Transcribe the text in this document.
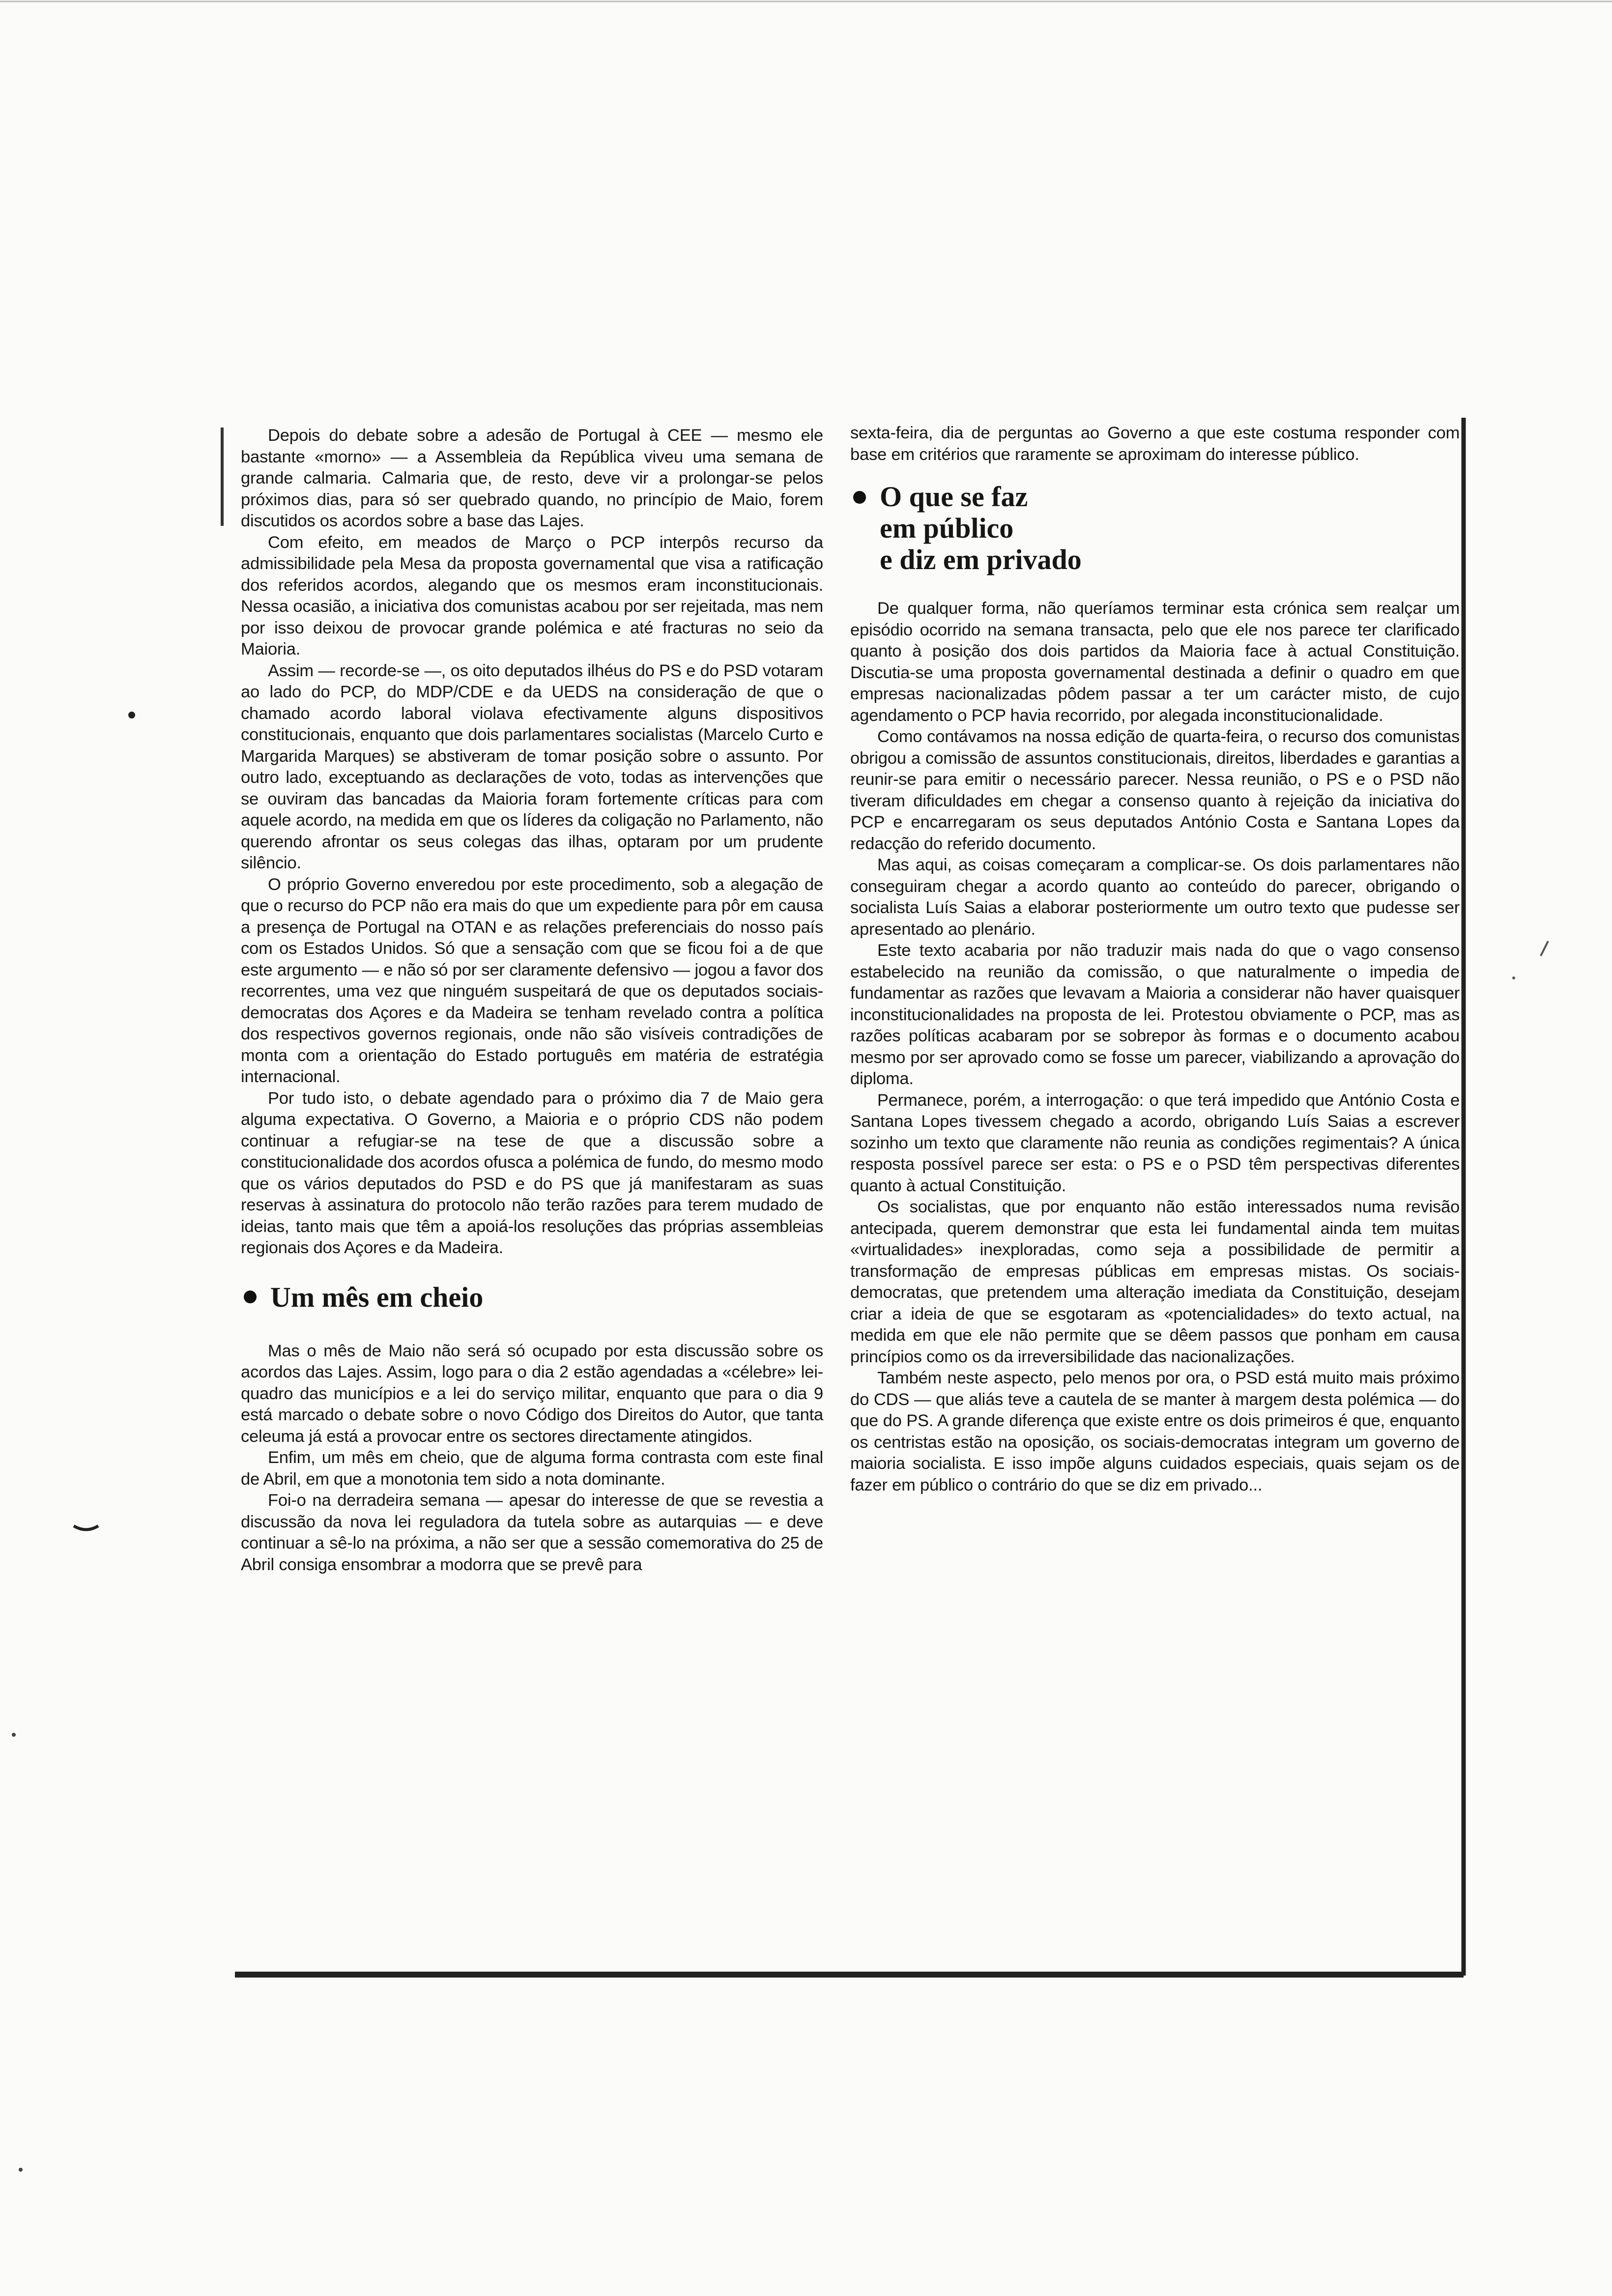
Depois do debate sobre a adesão de Portugal à CEE — mesmo ele bastante «morno» — a Assembleia da República viveu uma semana de grande calmaria. Calmaria que, de resto, deve vir a prolongar-se pelos próximos dias, para só ser quebrado quando, no princípio de Maio, forem discutidos os acordos sobre a base das Lajes.

Com efeito, em meados de Março o PCP interpôs recurso da admissibilidade pela Mesa da proposta governamental que visa a ratificação dos referidos acordos, alegando que os mesmos eram inconstitucionais. Nessa ocasião, a iniciativa dos comunistas acabou por ser rejeitada, mas nem por isso deixou de provocar grande polémica e até fracturas no seio da Maioria.

Assim — recorde-se —, os oito deputados ilhéus do PS e do PSD votaram ao lado do PCP, do MDP/CDE e da UEDS na consideração de que o chamado acordo laboral violava efectivamente alguns dispositivos constitucionais, enquanto que dois parlamentares socialistas (Marcelo Curto e Margarida Marques) se abstiveram de tomar posição sobre o assunto. Por outro lado, exceptuando as declarações de voto, todas as intervenções que se ouviram das bancadas da Maioria foram fortemente críticas para com aquele acordo, na medida em que os líderes da coligação no Parlamento, não querendo afrontar os seus colegas das ilhas, optaram por um prudente silêncio.

O próprio Governo enveredou por este procedimento, sob a alegação de que o recurso do PCP não era mais do que um expediente para pôr em causa a presença de Portugal na OTAN e as relações preferenciais do nosso país com os Estados Unidos. Só que a sensação com que se ficou foi a de que este argumento — e não só por ser claramente defensivo — jogou a favor dos recorrentes, uma vez que ninguém suspeitará de que os deputados sociais-democratas dos Açores e da Madeira se tenham revelado contra a política dos respectivos governos regionais, onde não são visíveis contradições de monta com a orientação do Estado português em matéria de estratégia internacional.

Por tudo isto, o debate agendado para o próximo dia 7 de Maio gera alguma expectativa. O Governo, a Maioria e o próprio CDS não podem continuar a refugiar-se na tese de que a discussão sobre a constitucionalidade dos acordos ofusca a polémica de fundo, do mesmo modo que os vários deputados do PSD e do PS que já manifestaram as suas reservas à assinatura do protocolo não terão razões para terem mudado de ideias, tanto mais que têm a apoiá-los resoluções das próprias assembleias regionais dos Açores e da Madeira.

Um mês em cheio

Mas o mês de Maio não será só ocupado por esta discussão sobre os acordos das Lajes. Assim, logo para o dia 2 estão agendadas a «célebre» lei-quadro das municípios e a lei do serviço militar, enquanto que para o dia 9 está marcado o debate sobre o novo Código dos Direitos do Autor, que tanta celeuma já está a provocar entre os sectores directamente atingidos.

Enfim, um mês em cheio, que de alguma forma contrasta com este final de Abril, em que a monotonia tem sido a nota dominante.

Foi-o na derradeira semana — apesar do interesse de que se revestia a discussão da nova lei reguladora da tutela sobre as autarquias — e deve continuar a sê-lo na próxima, a não ser que a sessão comemorativa do 25 de Abril consiga ensombrar a modorra que se prevê para

sexta-feira, dia de perguntas ao Governo a que este costuma responder com base em critérios que raramente se aproximam do interesse público.

O que se faz
em público
e diz em privado

De qualquer forma, não queríamos terminar esta crónica sem realçar um episódio ocorrido na semana transacta, pelo que ele nos parece ter clarificado quanto à posição dos dois partidos da Maioria face à actual Constituição. Discutia-se uma proposta governamental destinada a definir o quadro em que empresas nacionalizadas pôdem passar a ter um carácter misto, de cujo agendamento o PCP havia recorrido, por alegada inconstitucionalidade.

Como contávamos na nossa edição de quarta-feira, o recurso dos comunistas obrigou a comissão de assuntos constitucionais, direitos, liberdades e garantias a reunir-se para emitir o necessário parecer. Nessa reunião, o PS e o PSD não tiveram dificuldades em chegar a consenso quanto à rejeição da iniciativa do PCP e encarregaram os seus deputados António Costa e Santana Lopes da redacção do referido documento.

Mas aqui, as coisas começaram a complicar-se. Os dois parlamentares não conseguiram chegar a acordo quanto ao conteúdo do parecer, obrigando o socialista Luís Saias a elaborar posteriormente um outro texto que pudesse ser apresentado ao plenário.

Este texto acabaria por não traduzir mais nada do que o vago consenso estabelecido na reunião da comissão, o que naturalmente o impedia de fundamentar as razões que levavam a Maioria a considerar não haver quaisquer inconstitucionalidades na proposta de lei. Protestou obviamente o PCP, mas as razões políticas acabaram por se sobrepor às formas e o documento acabou mesmo por ser aprovado como se fosse um parecer, viabilizando a aprovação do diploma.

Permanece, porém, a interrogação: o que terá impedido que António Costa e Santana Lopes tivessem chegado a acordo, obrigando Luís Saias a escrever sozinho um texto que claramente não reunia as condições regimentais? A única resposta possível parece ser esta: o PS e o PSD têm perspectivas diferentes quanto à actual Constituição.

Os socialistas, que por enquanto não estão interessados numa revisão antecipada, querem demonstrar que esta lei fundamental ainda tem muitas «virtualidades» inexploradas, como seja a possibilidade de permitir a transformação de empresas públicas em empresas mistas. Os sociais-democratas, que pretendem uma alteração imediata da Constituição, desejam criar a ideia de que se esgotaram as «potencialidades» do texto actual, na medida em que ele não permite que se dêem passos que ponham em causa princípios como os da irreversibilidade das nacionalizações.

Também neste aspecto, pelo menos por ora, o PSD está muito mais próximo do CDS — que aliás teve a cautela de se manter à margem desta polémica — do que do PS. A grande diferença que existe entre os dois primeiros é que, enquanto os centristas estão na oposição, os sociais-democratas integram um governo de maioria socialista. E isso impõe alguns cuidados especiais, quais sejam os de fazer em público o contrário do que se diz em privado...
